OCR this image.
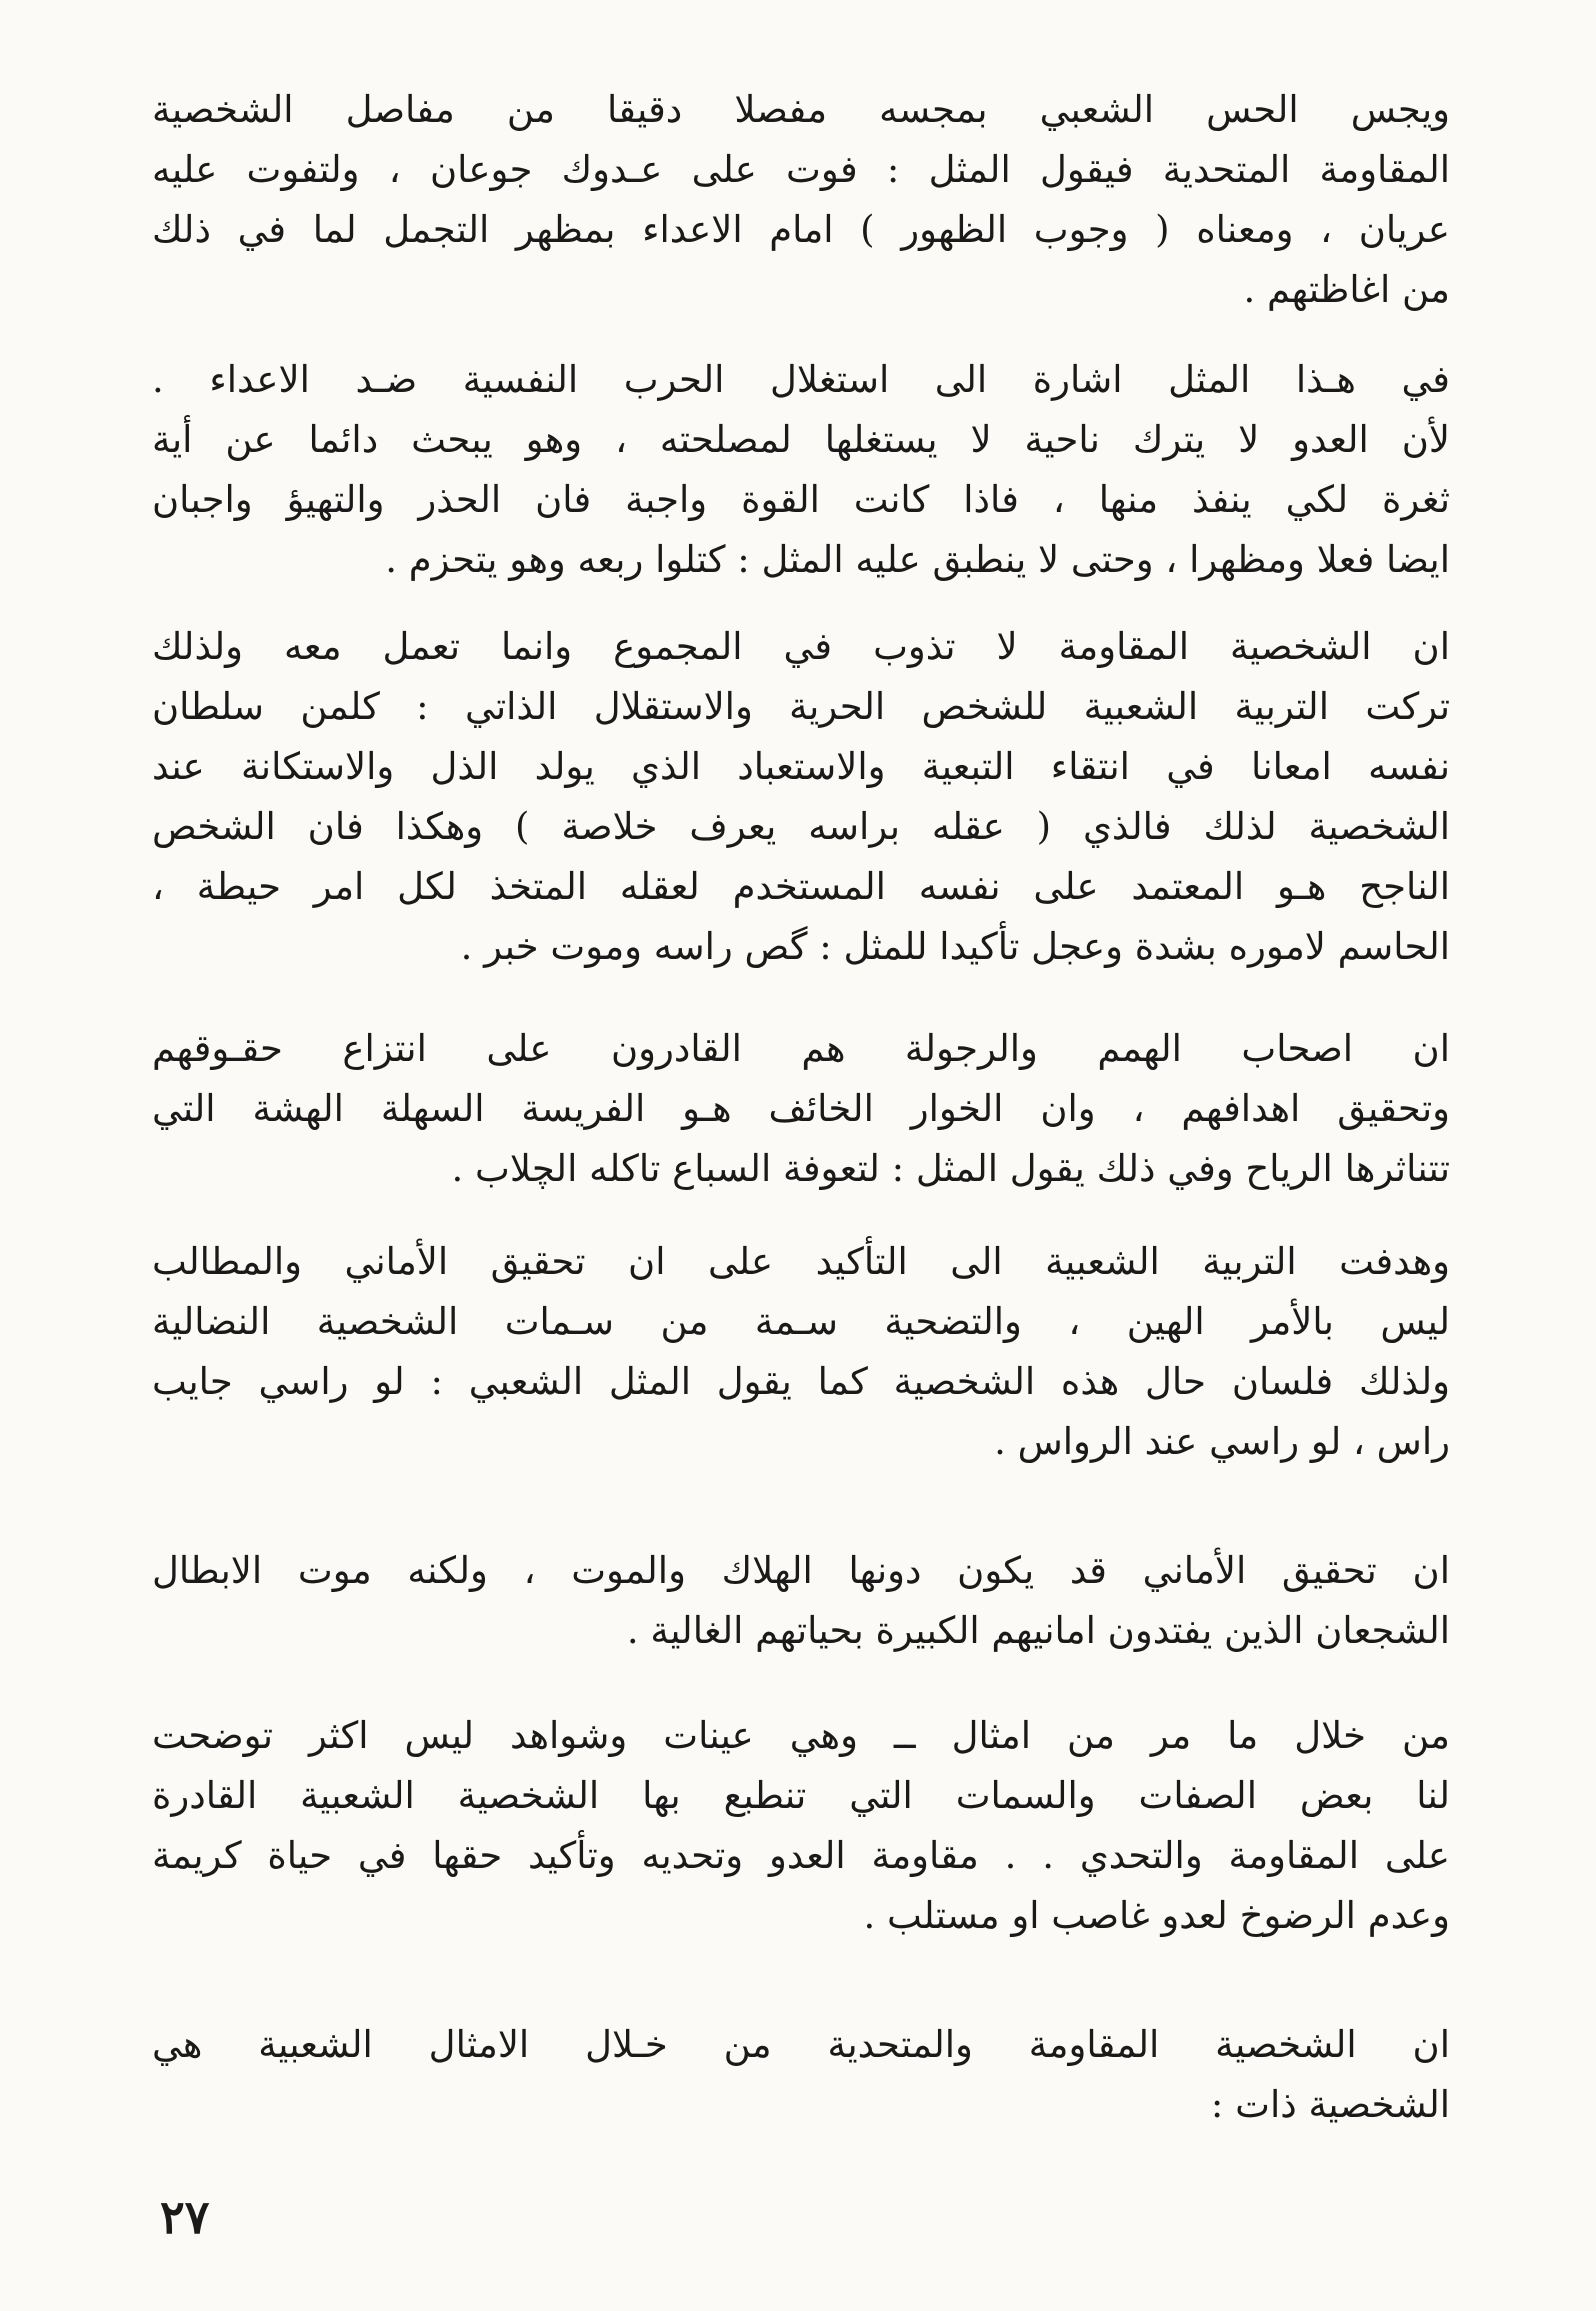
ويجس الحس الشعبي بمجسه مفصلا دقيقا من مفاصل الشخصية
المقاومة المتحدية فيقول المثل : فوت على عـدوك جوعان ، ولتفوت عليه
عريان ، ومعناه ( وجوب الظهور ) امام الاعداء بمظهر التجمل لما في ذلك
من اغاظتهم .
في هـذا المثل اشارة الى استغلال الحرب النفسية ضـد الاعداء .
لأن العدو لا يترك ناحية لا يستغلها لمصلحته ، وهو يبحث دائما عن أية
ثغرة لكي ينفذ منها ، فاذا كانت القوة واجبة فان الحذر والتهيؤ واجبان
ايضا فعلا ومظهرا ، وحتى لا ينطبق عليه المثل : كتلوا ربعه وهو يتحزم .
ان الشخصية المقاومة لا تذوب في المجموع وانما تعمل معه ولذلك
تركت التربية الشعبية للشخص الحرية والاستقلال الذاتي : كلمن سلطان
نفسه امعانا في انتقاء التبعية والاستعباد الذي يولد الذل والاستكانة عند
الشخصية لذلك فالذي ( عقله براسه يعرف خلاصة ) وهكذا فان الشخص
الناجح هـو المعتمد على نفسه المستخدم لعقله المتخذ لكل امر حيطة ،
الحاسم لاموره بشدة وعجل تأكيدا للمثل : گص راسه وموت خبر .
ان اصحاب الهمم والرجولة هم القادرون على انتزاع حقـوقهم
وتحقيق اهدافهم ، وان الخوار الخائف هـو الفريسة السهلة الهشة التي
تتناثرها الرياح وفي ذلك يقول المثل : لتعوفة السباع تاكله الچلاب .
وهدفت التربية الشعبية الى التأكيد على ان تحقيق الأماني والمطالب
ليس بالأمر الهين ، والتضحية سـمة من سـمات الشخصية النضالية
ولذلك فلسان حال هذه الشخصية كما يقول المثل الشعبي : لو راسي جايب
راس ، لو راسي عند الرواس .
ان تحقيق الأماني قد يكون دونها الهلاك والموت ، ولكنه موت الابطال
الشجعان الذين يفتدون امانيهم الكبيرة بحياتهم الغالية .
من خلال ما مر من امثال ــ وهي عينات وشواهد ليس اكثر توضحت
لنا بعض الصفات والسمات التي تنطبع بها الشخصية الشعبية القادرة
على المقاومة والتحدي . . مقاومة العدو وتحديه وتأكيد حقها في حياة كريمة
وعدم الرضوخ لعدو غاصب او مستلب .
ان الشخصية المقاومة والمتحدية من خـلال الامثال الشعبية هي
الشخصية ذات :
٢٧
